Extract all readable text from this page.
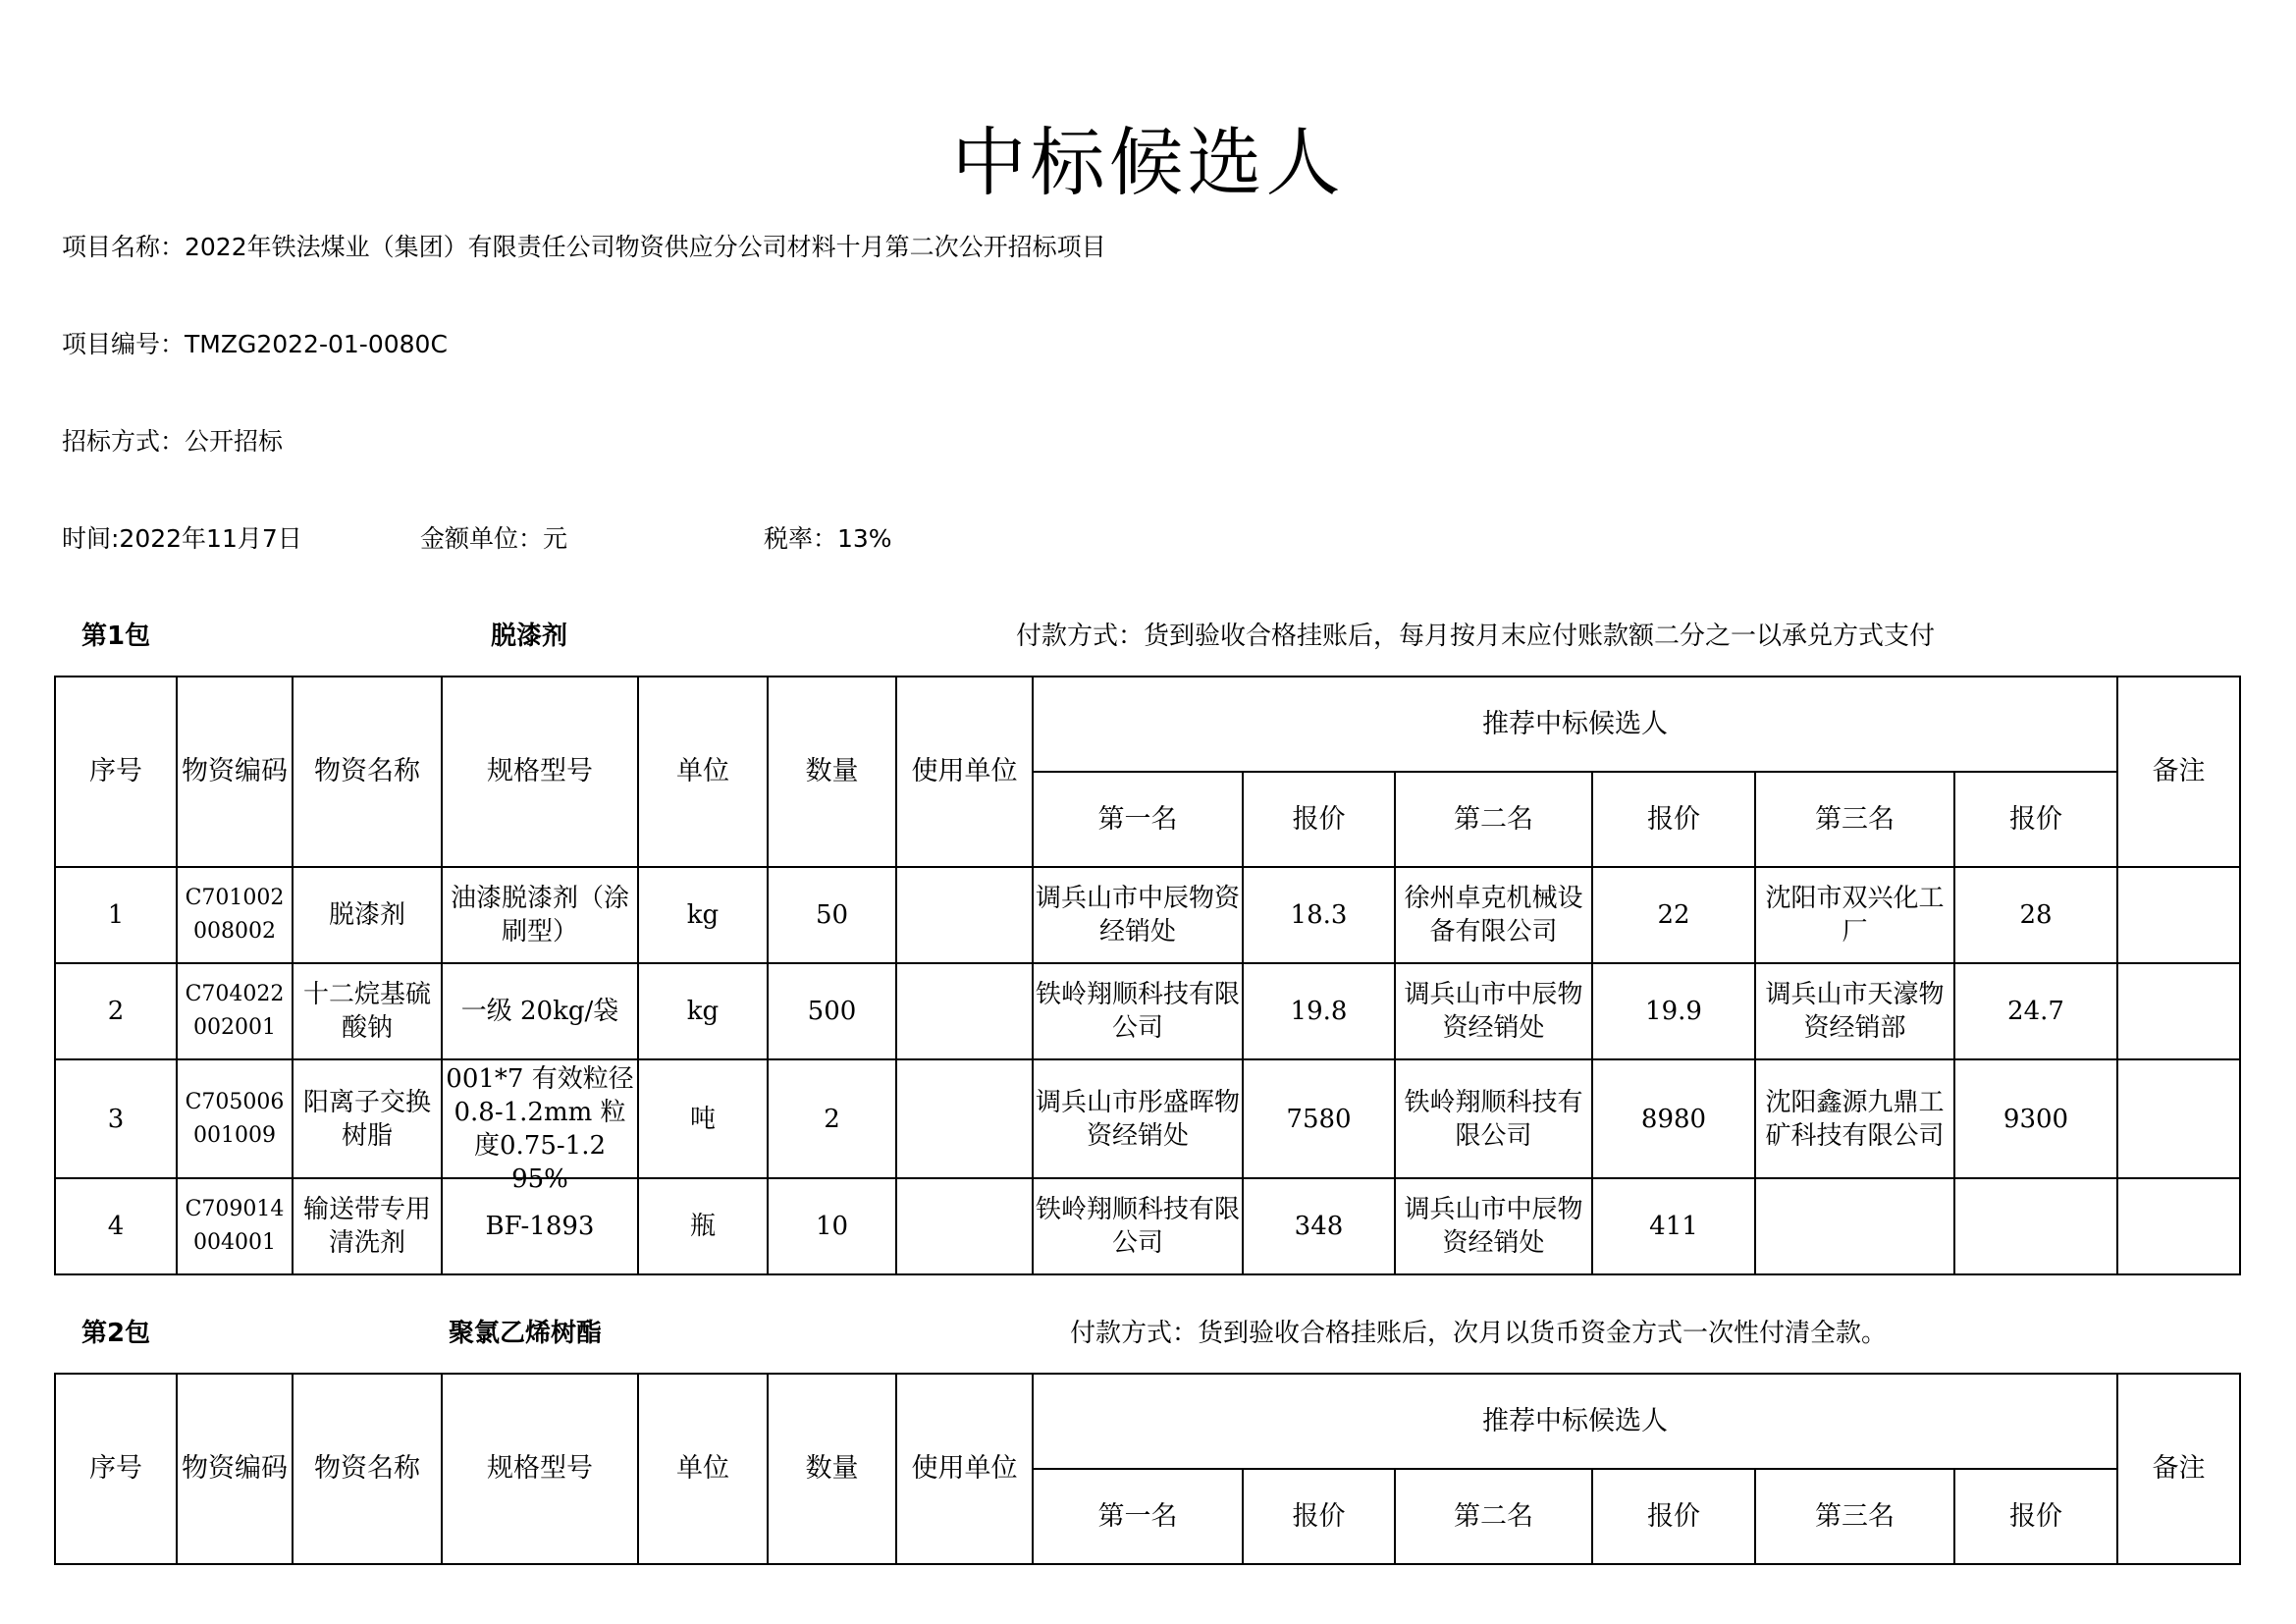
中标候选人
项目名称：2022年铁法煤业（集团）有限责任公司物资供应分公司材料十月第二次公开招标项目
项目编号：TMZG2022-01-0080C
招标方式：公开招标
时间:2022年11月7日	金额单位：元	税率：13%
第1包	脱漆剂	付款方式：货到验收合格挂账后，每月按月末应付账款额二分之一以承兑方式支付
序号	物资编码	物资名称	规格型号	单位	数量	使用单位	推荐中标候选人						备注
							第一名	报价	第二名	报价	第三名	报价	
1	C701002008002	脱漆剂	油漆脱漆剂（涂刷型）	kg	50		调兵山市中辰物资经销处	18.3	徐州卓克机械设备有限公司	22	沈阳市双兴化工厂	28	
2	C704022002001	十二烷基硫酸钠	一级 20kg/袋	kg	500		铁岭翔顺科技有限公司	19.8	调兵山市中辰物资经销处	19.9	调兵山市天濠物资经销部	24.7	
3	C705006001009	阳离子交换树脂	001*7 有效粒径0.8-1.2mm 粒度0.75-1.2 95%	吨	2		调兵山市彤盛晖物资经销处	7580	铁岭翔顺科技有限公司	8980	沈阳鑫源九鼎工矿科技有限公司	9300	
4	C709014004001	输送带专用清洗剂	BF-1893	瓶	10		铁岭翔顺科技有限公司	348	调兵山市中辰物资经销处	411			
第2包	聚氯乙烯树酯	付款方式：货到验收合格挂账后，次月以货币资金方式一次性付清全款。
序号	物资编码	物资名称	规格型号	单位	数量	使用单位	推荐中标候选人						备注
							第一名	报价	第二名	报价	第三名	报价	
